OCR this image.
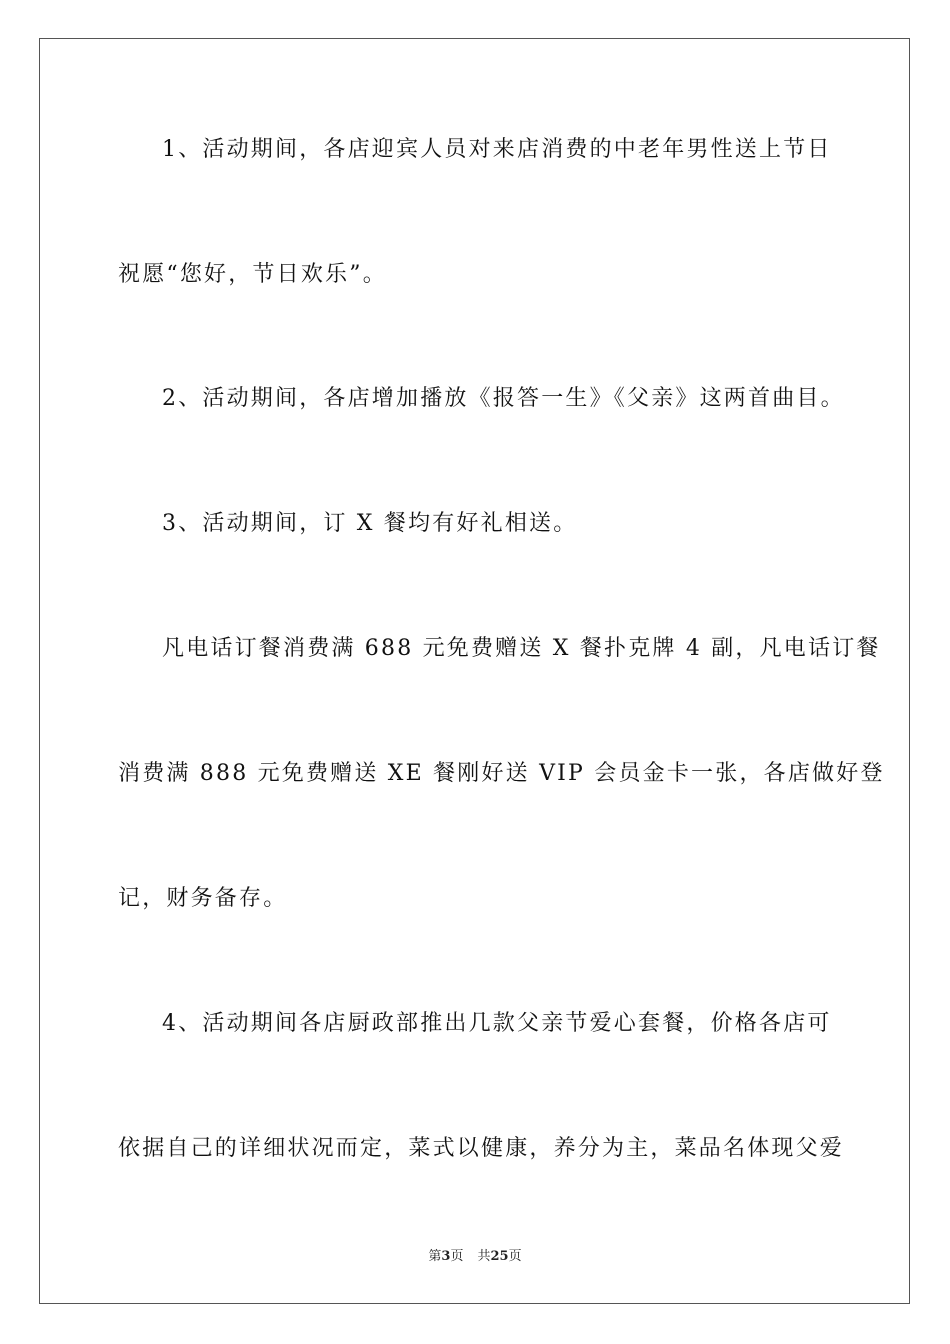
1、活动期间，各店迎宾人员对来店消费的中老年男性送上节日
祝愿“您好，节日欢乐”。
2、活动期间，各店增加播放《报答一生》《父亲》这两首曲目。
3、活动期间，订 X 餐均有好礼相送。
凡电话订餐消费满 688 元免费赠送 X 餐扑克牌 4 副，凡电话订餐
消费满 888 元免费赠送 XE 餐刚好送 VIP 会员金卡一张，各店做好登
记，财务备存。
4、活动期间各店厨政部推出几款父亲节爱心套餐，价格各店可
依据自己的详细状况而定，菜式以健康，养分为主，菜品名体现父爱
第3页 共25页
